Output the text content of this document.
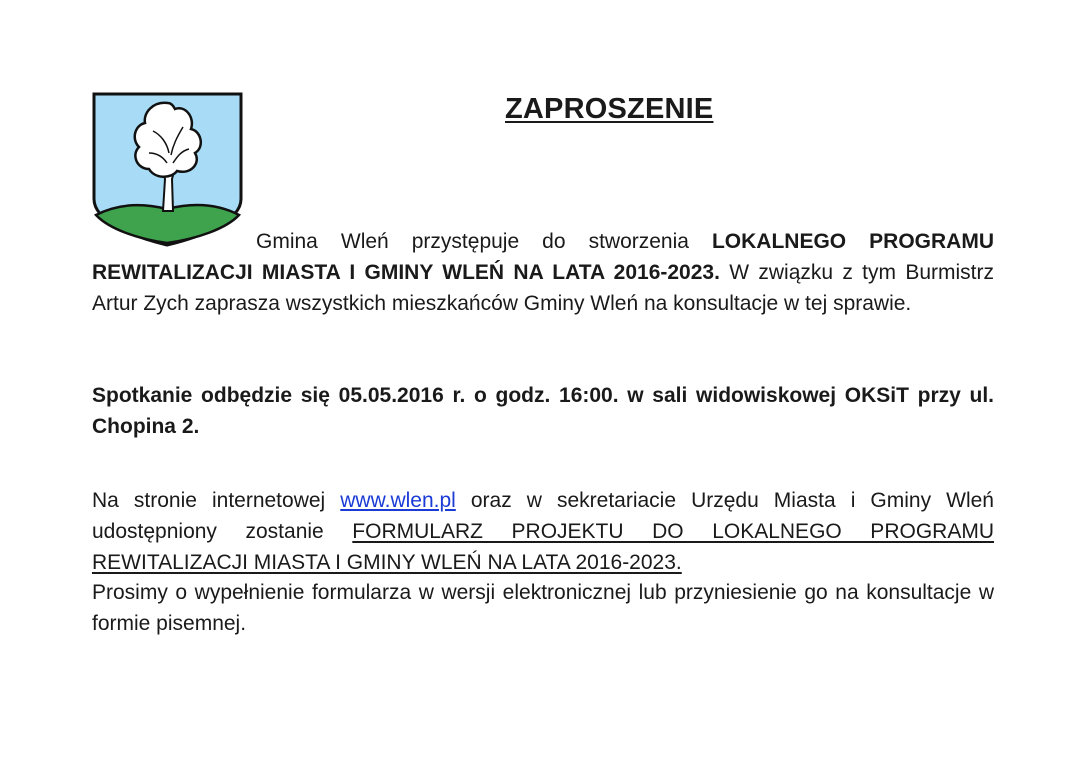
ZAPROSZENIE
Gmina Wleń przystępuje do stworzenia LOKALNEGO PROGRAMU REWITALIZACJI MIASTA I GMINY WLEŃ NA LATA 2016-2023. W związku z tym Burmistrz Artur Zych zaprasza wszystkich mieszkańców Gminy Wleń na konsultacje w tej sprawie.
Spotkanie odbędzie się 05.05.2016 r. o godz. 16:00. w sali widowiskowej OKSiT przy ul. Chopina 2.
Na stronie internetowej www.wlen.pl oraz w sekretariacie Urzędu Miasta i Gminy Wleń udostępniony zostanie FORMULARZ PROJEKTU DO LOKALNEGO PROGRAMU REWITALIZACJI MIASTA I GMINY WLEŃ NA LATA 2016-2023.
Prosimy o wypełnienie formularza w wersji elektronicznej lub przyniesienie go na konsultacje w formie pisemnej.
